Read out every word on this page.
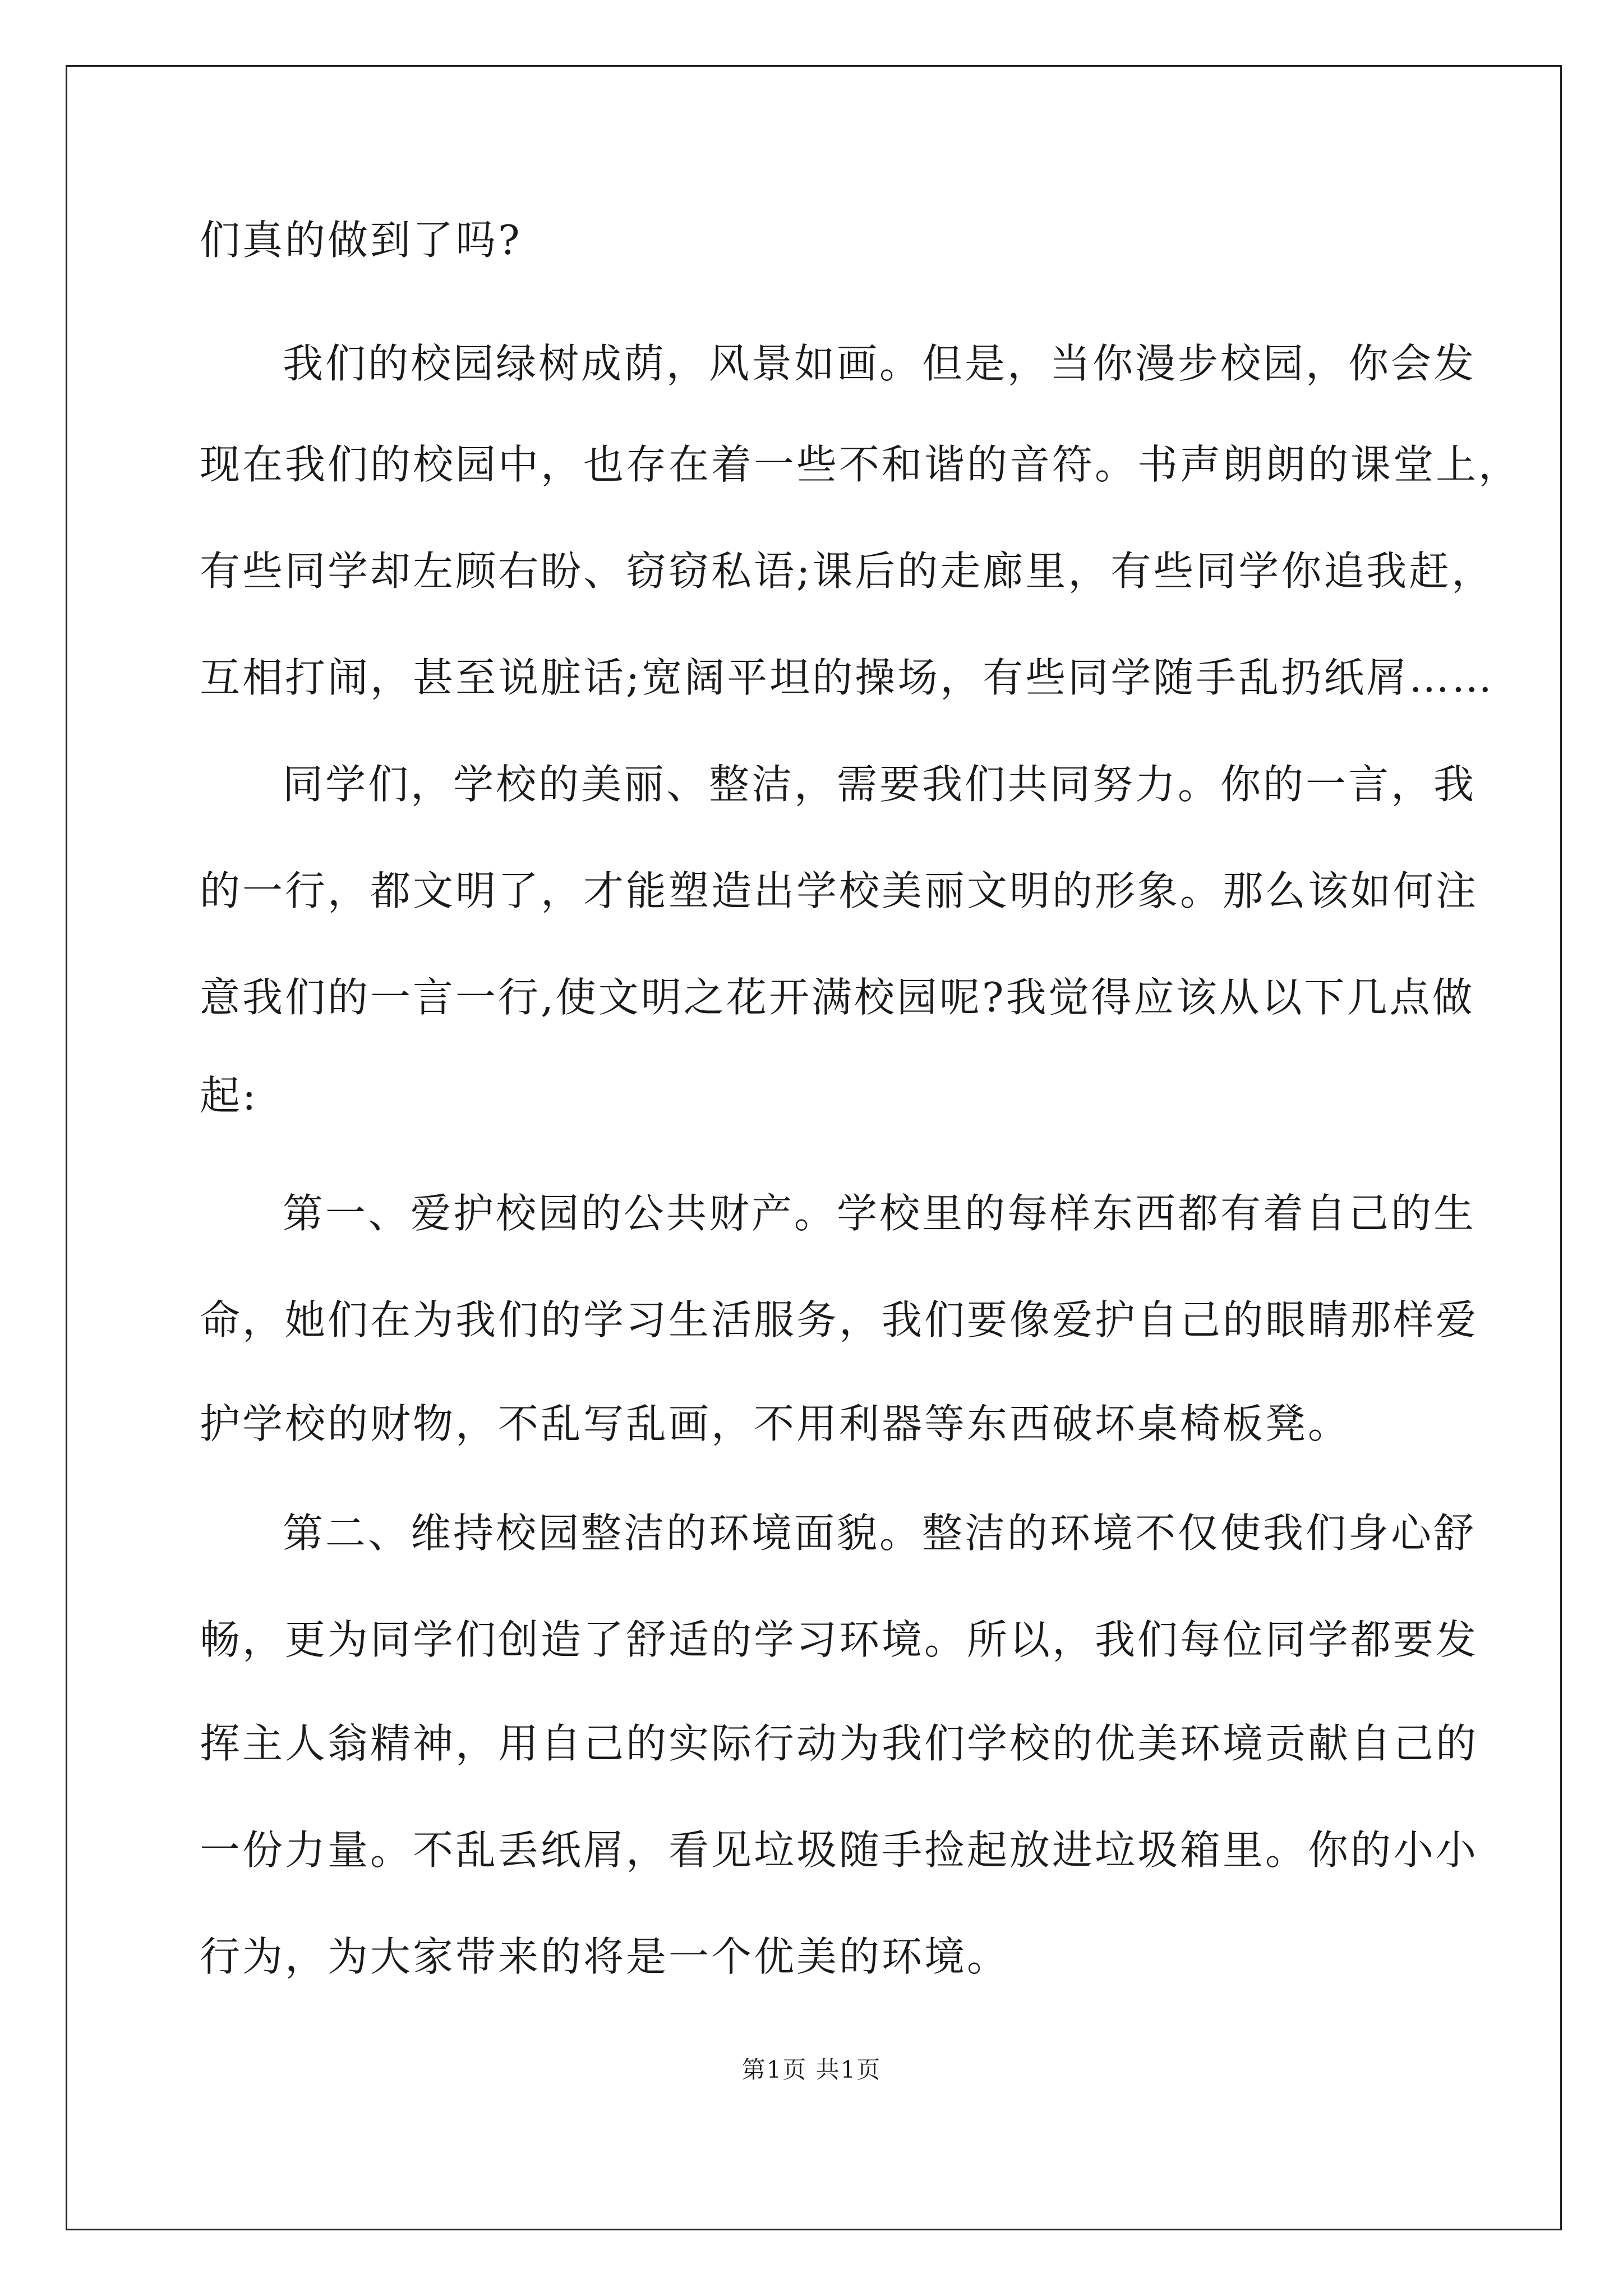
们真的做到了吗?
我们的校园绿树成荫，风景如画。但是，当你漫步校园，你会发
现在我们的校园中，也存在着一些不和谐的音符。书声朗朗的课堂上，
有些同学却左顾右盼、窃窃私语;课后的走廊里，有些同学你追我赶，
互相打闹，甚至说脏话;宽阔平坦的操场，有些同学随手乱扔纸屑……
同学们，学校的美丽、整洁，需要我们共同努力。你的一言，我
的一行，都文明了，才能塑造出学校美丽文明的形象。那么该如何注
意我们的一言一行,使文明之花开满校园呢?我觉得应该从以下几点做
起:
第一、爱护校园的公共财产。学校里的每样东西都有着自己的生
命，她们在为我们的学习生活服务，我们要像爱护自己的眼睛那样爱
护学校的财物，不乱写乱画，不用利器等东西破坏桌椅板凳。
第二、维持校园整洁的环境面貌。整洁的环境不仅使我们身心舒
畅，更为同学们创造了舒适的学习环境。所以，我们每位同学都要发
挥主人翁精神，用自己的实际行动为我们学校的优美环境贡献自己的
一份力量。不乱丢纸屑，看见垃圾随手捡起放进垃圾箱里。你的小小
行为，为大家带来的将是一个优美的环境。
第1页 共1页
